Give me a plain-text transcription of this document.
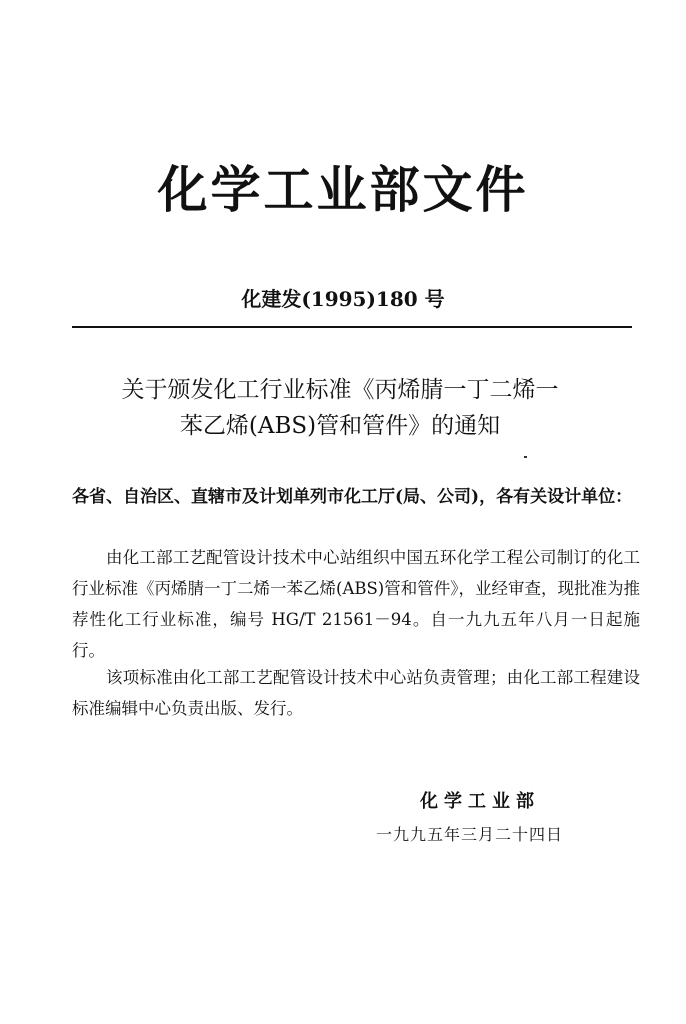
化学工业部文件
化建发(1995)180 号
关于颁发化工行业标准《丙烯腈一丁二烯一
苯乙烯(ABS)管和管件》的通知
各省、自治区、直辖市及计划单列市化工厅(局、公司)，各有关设计单位：

由化工部工艺配管设计技术中心站组织中国五环化学工程公司制订的化工行业标准《丙烯腈一丁二烯一苯乙烯(ABS)管和管件》，业经审查，现批准为推荐性化工行业标准，编号 HG/T 21561－94。自一九九五年八月一日起施行。

该项标准由化工部工艺配管设计技术中心站负责管理；由化工部工程建设标准编辑中心负责出版、发行。

化学工业部
一九九五年三月二十四日
